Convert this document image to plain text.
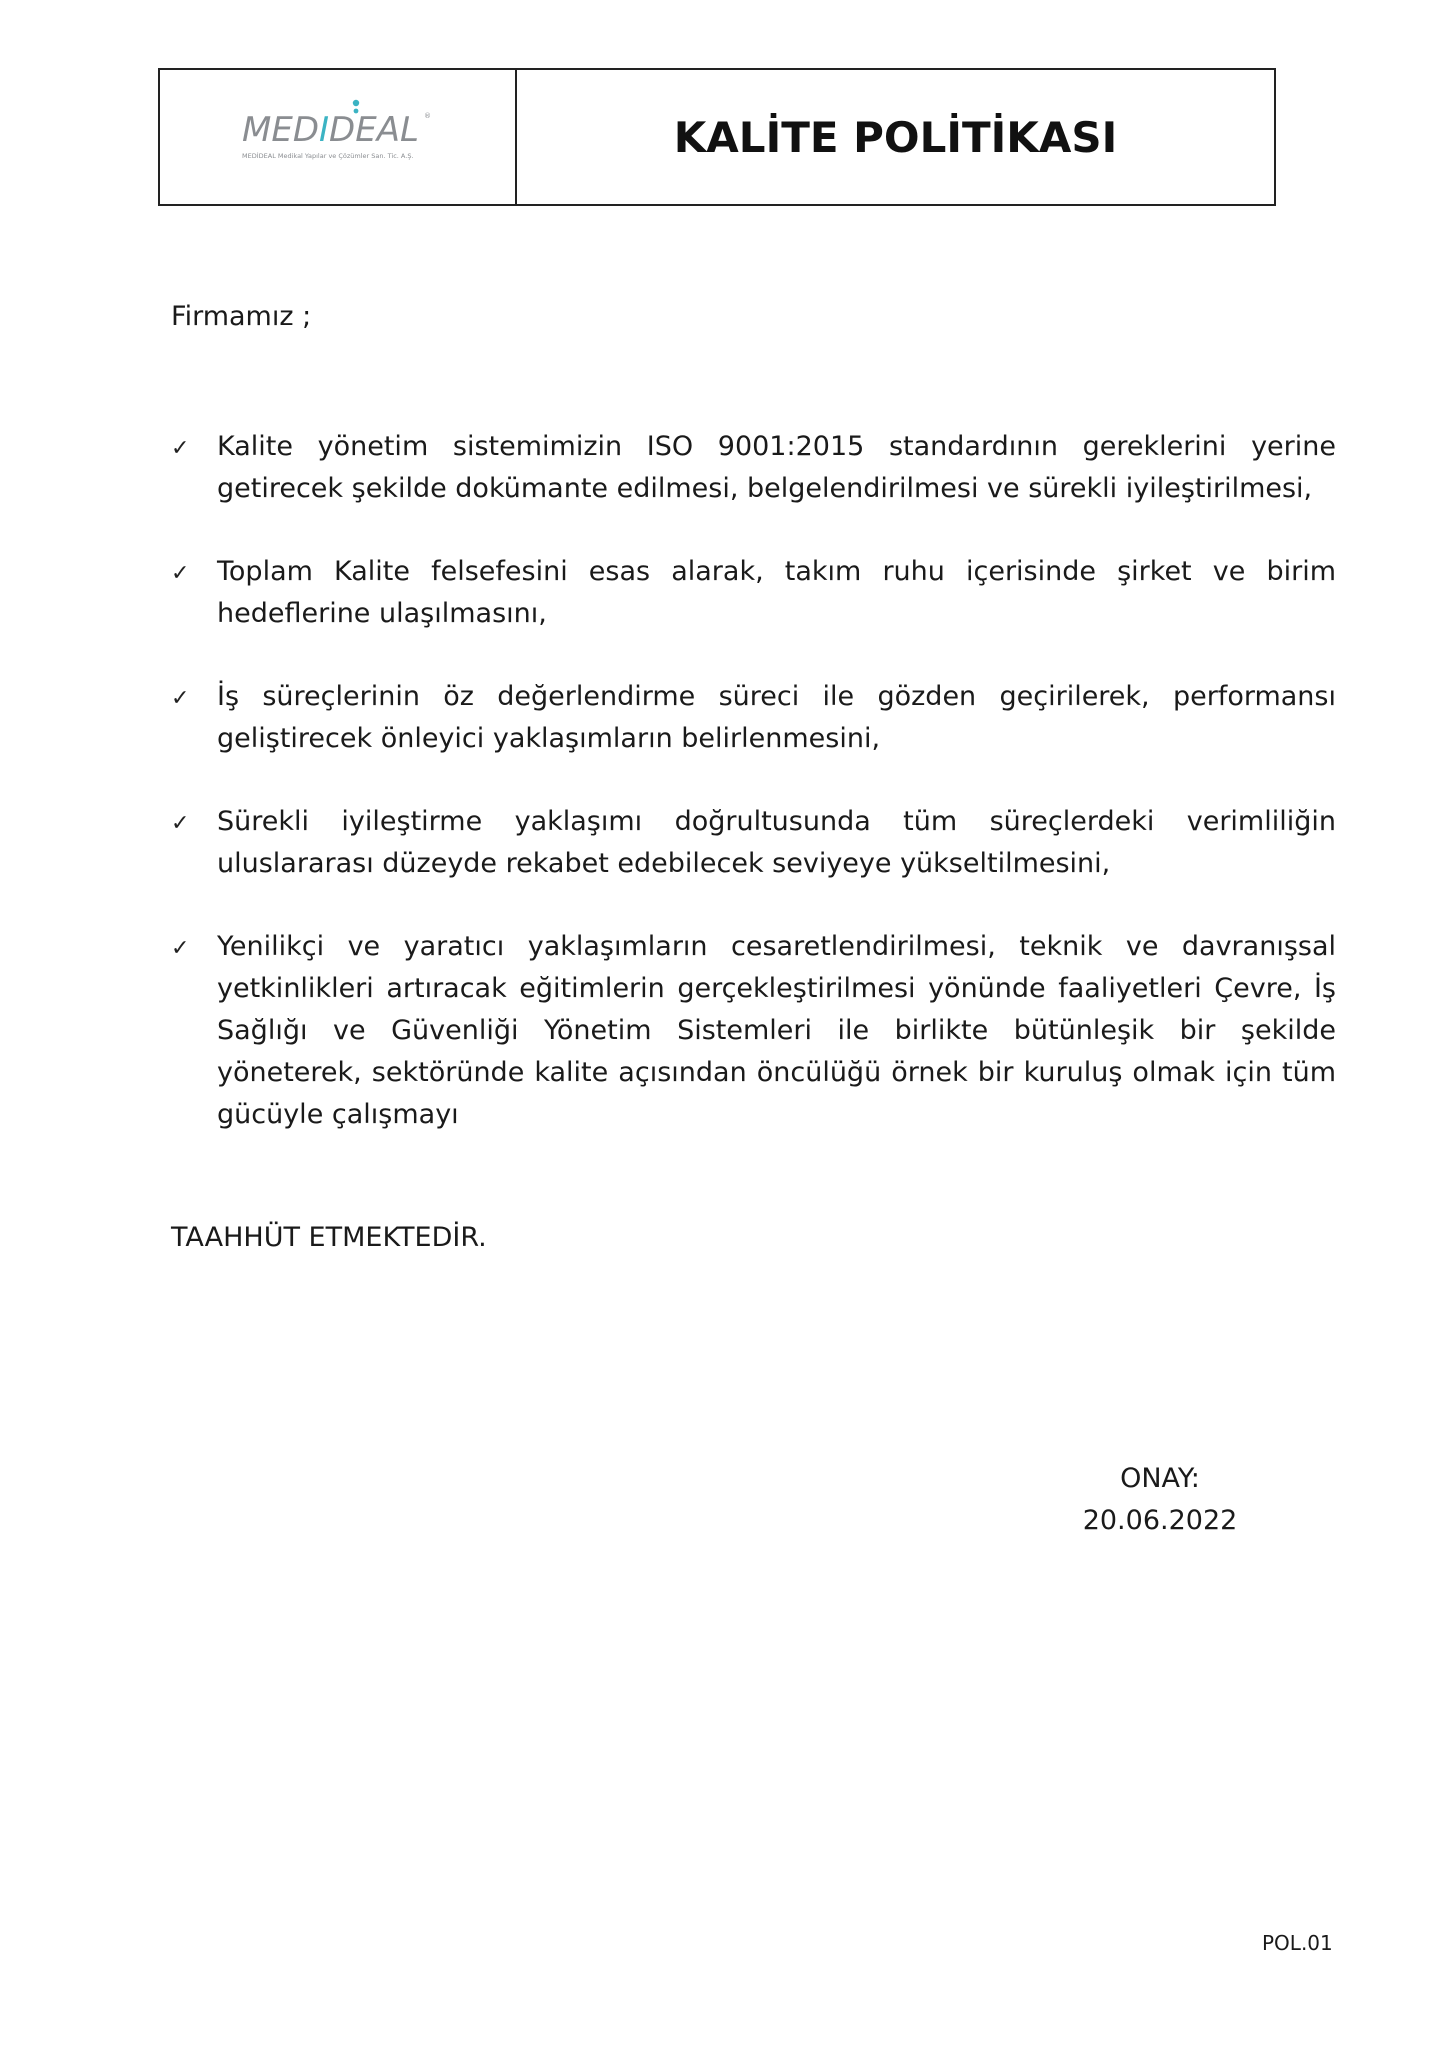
MEDIDEAL ®
MEDİDEAL Medikal Yapılar ve Çözümler San. Tic. A.Ş.	KALİTE POLİTİKASI

Firmamız ;

✓ Kalite yönetim sistemimizin ISO 9001:2015 standardının gereklerini yerine getirecek şekilde dokümante edilmesi, belgelendirilmesi ve sürekli iyileştirilmesi,
✓ Toplam Kalite felsefesini esas alarak, takım ruhu içerisinde şirket ve birim hedeflerine ulaşılmasını,
✓ İş süreçlerinin öz değerlendirme süreci ile gözden geçirilerek, performansı geliştirecek önleyici yaklaşımların belirlenmesini,
✓ Sürekli iyileştirme yaklaşımı doğrultusunda tüm süreçlerdeki verimliliğin uluslararası düzeyde rekabet edebilecek seviyeye yükseltilmesini,
✓ Yenilikçi ve yaratıcı yaklaşımların cesaretlendirilmesi, teknik ve davranışsal yetkinlikleri artıracak eğitimlerin gerçekleştirilmesi yönünde faaliyetleri Çevre, İş Sağlığı ve Güvenliği Yönetim Sistemleri ile birlikte bütünleşik bir şekilde yöneterek, sektöründe kalite açısından öncülüğü örnek bir kuruluş olmak için tüm gücüyle çalışmayı

TAAHHÜT ETMEKTEDİR.

ONAY:
20.06.2022
POL.01
